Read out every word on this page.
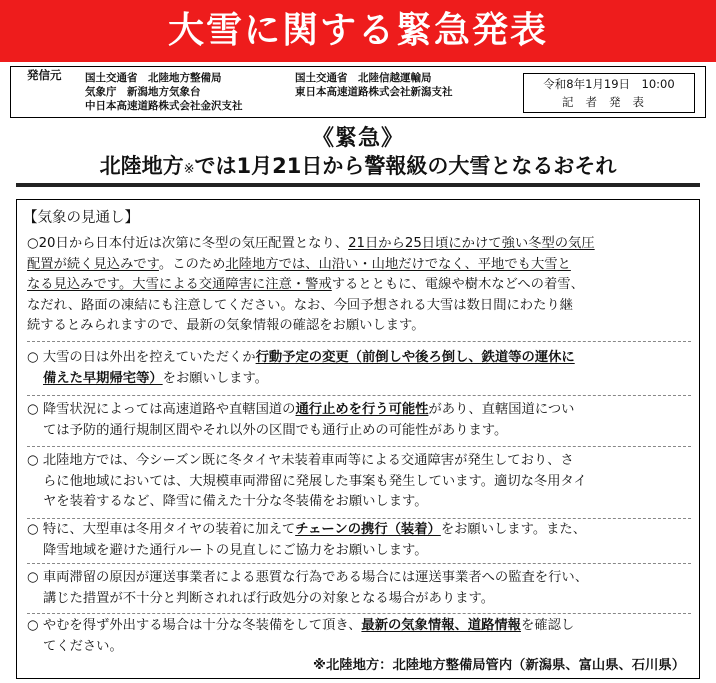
大雪に関する緊急発表
発信元 国土交通省　北陸地方整備局
気象庁　新潟地方気象台
中日本高速道路株式会社金沢支社
国土交通省　北陸信越運輸局
東日本高速道路株式会社新潟支社
令和8年1月19日　10:00
記者発表
《緊急》
北陸地方※では1月21日から警報級の大雪となるおそれ
【気象の見通し】
○20日から日本付近は次第に冬型の気圧配置となり、21日から25日頃にかけて強い冬型の気圧
配置が続く見込みです。このため北陸地方では、山沿い・山地だけでなく、平地でも大雪と
なる見込みです。大雪による交通障害に注意・警戒するとともに、電線や樹木などへの着雪、
なだれ、路面の凍結にも注意してください。なお、今回予想される大雪は数日間にわたり継
続するとみられますので、最新の気象情報の確認をお願いします。
○ 大雪の日は外出を控えていただくか行動予定の変更（前倒しや後ろ倒し、鉄道等の運休に
備えた早期帰宅等）をお願いします。
○ 降雪状況によっては高速道路や直轄国道の通行止めを行う可能性があり、直轄国道につい
ては予防的通行規制区間やそれ以外の区間でも通行止めの可能性があります。
○ 北陸地方では、今シーズン既に冬タイヤ未装着車両等による交通障害が発生しており、さ
らに他地域においては、大規模車両滞留に発展した事案も発生しています。適切な冬用タイ
ヤを装着するなど、降雪に備えた十分な冬装備をお願いします。
○ 特に、大型車は冬用タイヤの装着に加えてチェーンの携行（装着）をお願いします。また、
降雪地域を避けた通行ルートの見直しにご協力をお願いします。
○ 車両滞留の原因が運送事業者による悪質な行為である場合には運送事業者への監査を行い、
講じた措置が不十分と判断されれば行政処分の対象となる場合があります。
○ やむを得ず外出する場合は十分な冬装備をして頂き、最新の気象情報、道路情報を確認し
てください。
※北陸地方：北陸地方整備局管内（新潟県、富山県、石川県）
